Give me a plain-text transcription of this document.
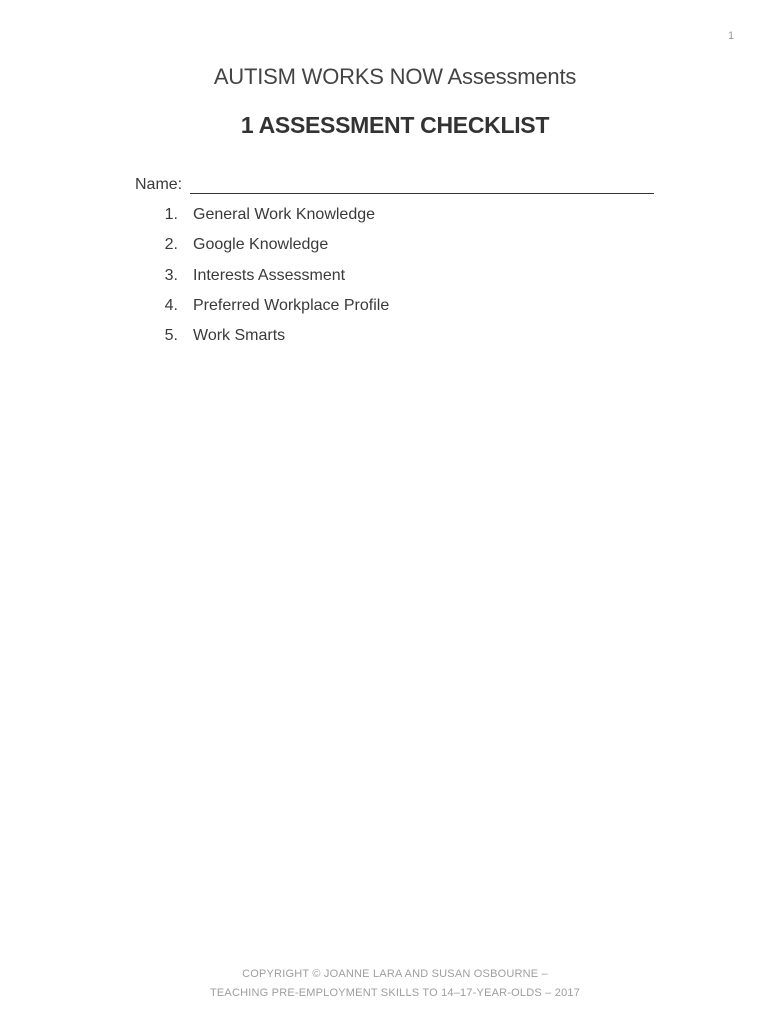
1
AUTISM WORKS NOW Assessments
1 ASSESSMENT CHECKLIST
Name:
1. General Work Knowledge
2. Google Knowledge
3. Interests Assessment
4. Preferred Workplace Profile
5. Work Smarts
COPYRIGHT © JOANNE LARA AND SUSAN OSBOURNE –
TEACHING PRE-EMPLOYMENT SKILLS TO 14–17-YEAR-OLDS – 2017
